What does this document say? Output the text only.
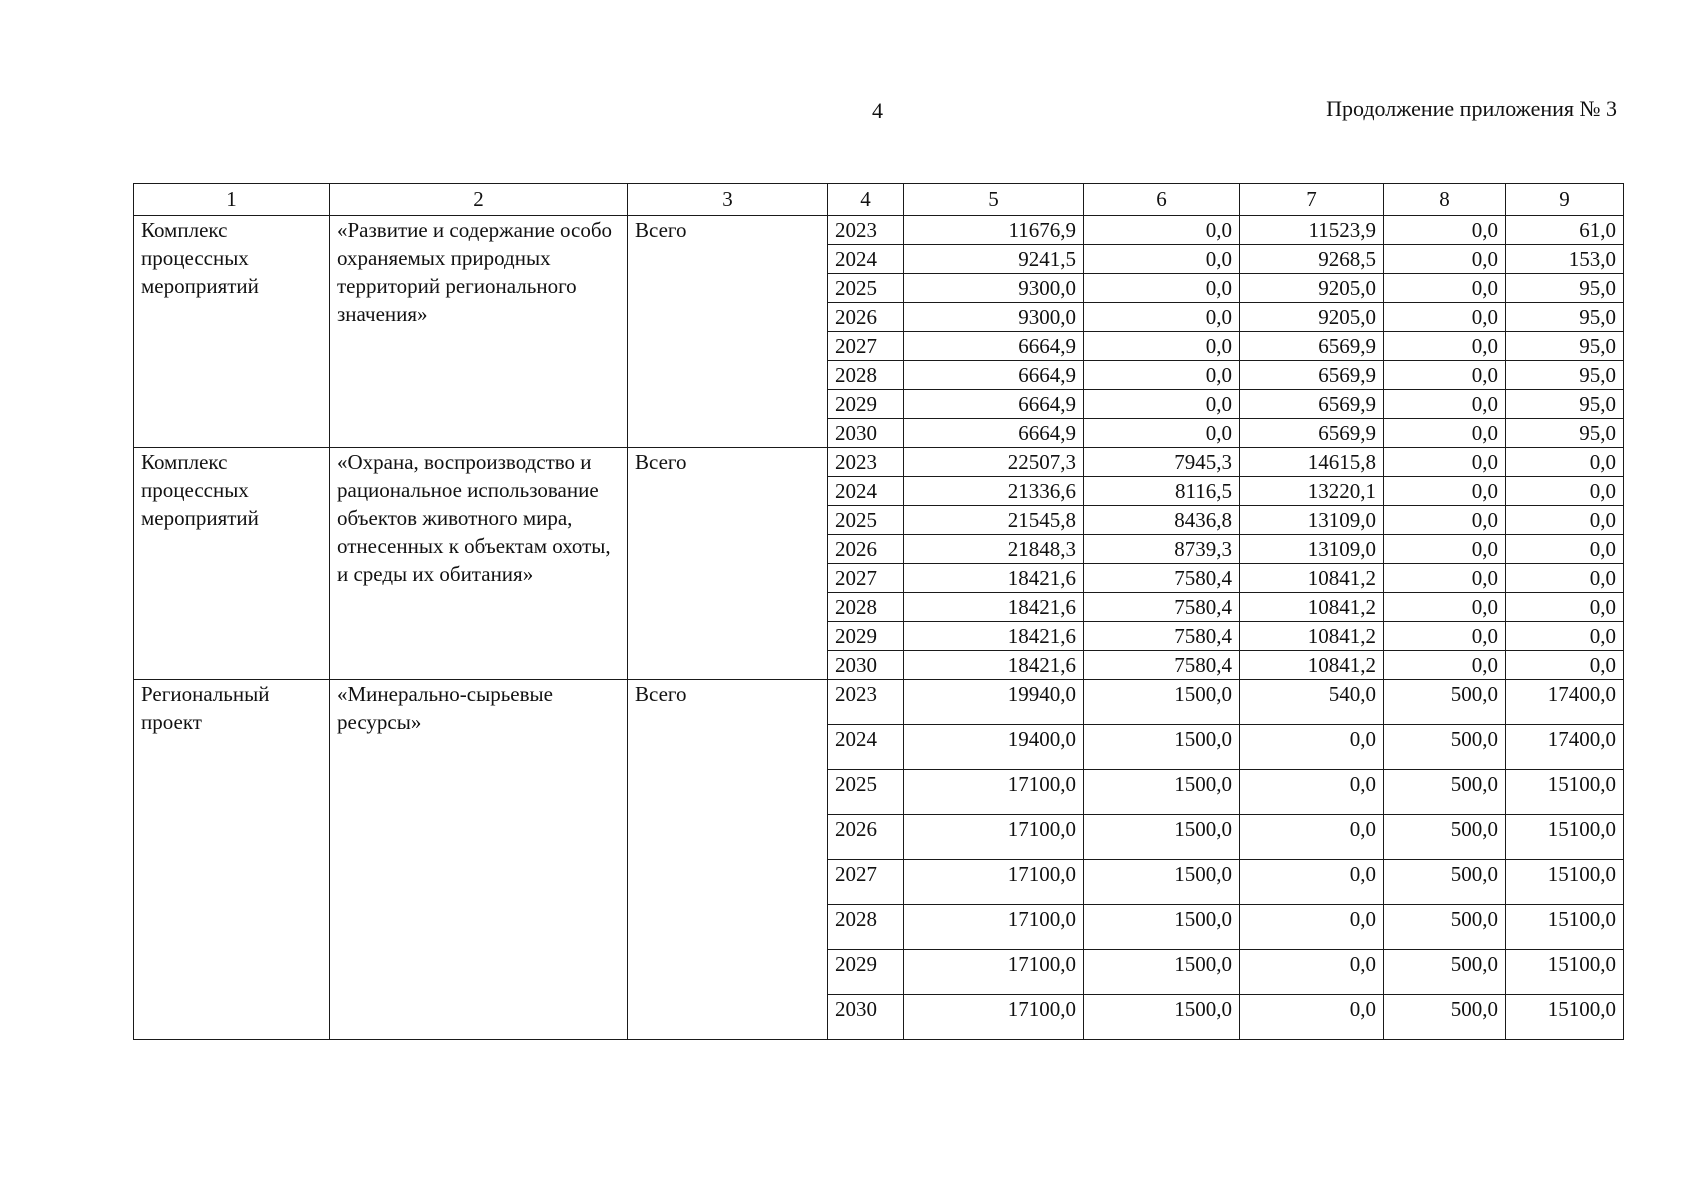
4	Продолжение приложения № 3
1	2	3	4	5	6	7	8	9
Комплекс процессных мероприятий	«Развитие и содержание особо охраняемых природных территорий регионального значения»	Всего	2023	11676,9	0,0	11523,9	0,0	61,0
			2024	9241,5	0,0	9268,5	0,0	153,0
			2025	9300,0	0,0	9205,0	0,0	95,0
			2026	9300,0	0,0	9205,0	0,0	95,0
			2027	6664,9	0,0	6569,9	0,0	95,0
			2028	6664,9	0,0	6569,9	0,0	95,0
			2029	6664,9	0,0	6569,9	0,0	95,0
			2030	6664,9	0,0	6569,9	0,0	95,0
Комплекс процессных мероприятий	«Охрана, воспроизводство и рациональное использование объектов животного мира, отнесенных к объектам охоты, и среды их обитания»	Всего	2023	22507,3	7945,3	14615,8	0,0	0,0
			2024	21336,6	8116,5	13220,1	0,0	0,0
			2025	21545,8	8436,8	13109,0	0,0	0,0
			2026	21848,3	8739,3	13109,0	0,0	0,0
			2027	18421,6	7580,4	10841,2	0,0	0,0
			2028	18421,6	7580,4	10841,2	0,0	0,0
			2029	18421,6	7580,4	10841,2	0,0	0,0
			2030	18421,6	7580,4	10841,2	0,0	0,0
Региональный проект	«Минерально-сырьевые ресурсы»	Всего	2023	19940,0	1500,0	540,0	500,0	17400,0
			2024	19400,0	1500,0	0,0	500,0	17400,0
			2025	17100,0	1500,0	0,0	500,0	15100,0
			2026	17100,0	1500,0	0,0	500,0	15100,0
			2027	17100,0	1500,0	0,0	500,0	15100,0
			2028	17100,0	1500,0	0,0	500,0	15100,0
			2029	17100,0	1500,0	0,0	500,0	15100,0
			2030	17100,0	1500,0	0,0	500,0	15100,0
